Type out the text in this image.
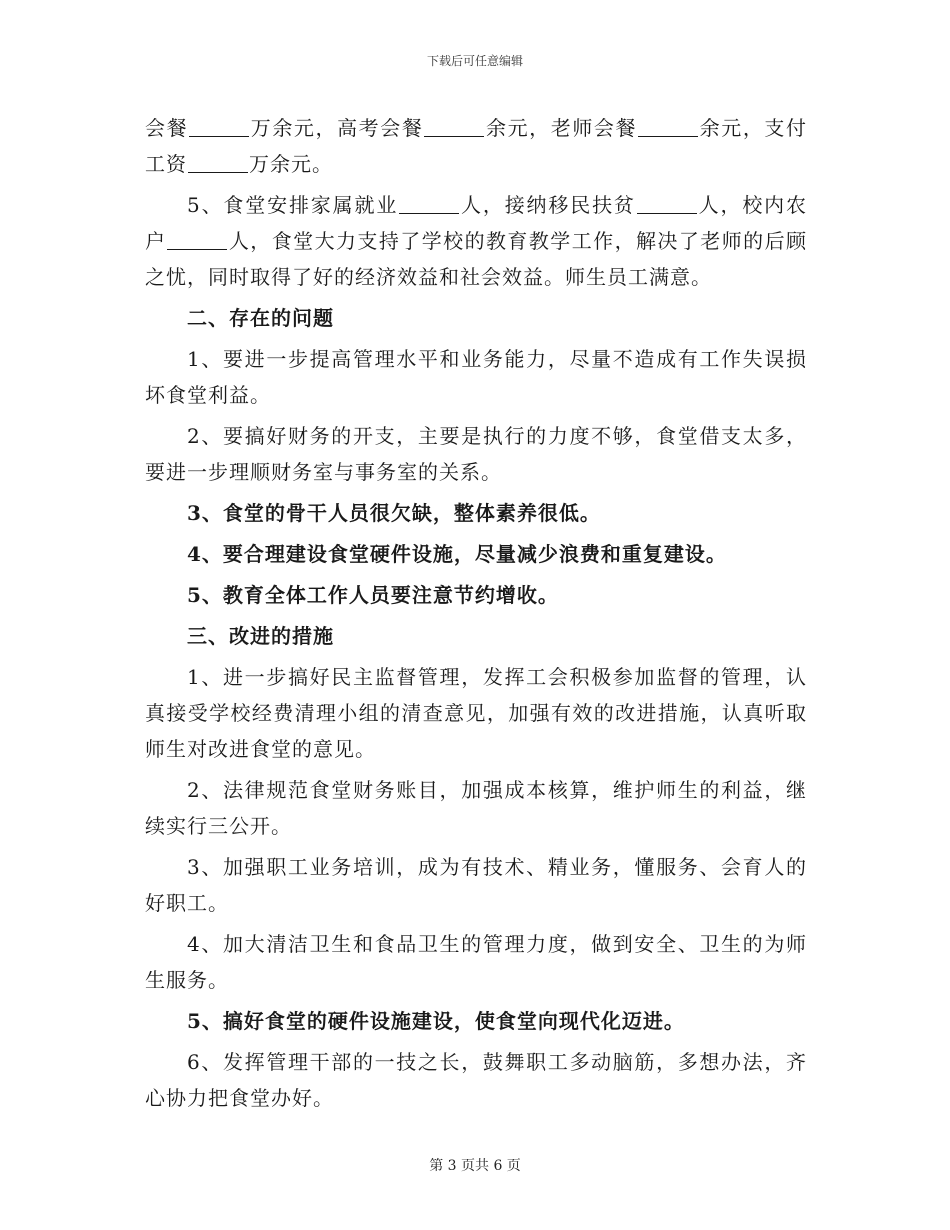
下载后可任意编辑

会餐	万余元，高考会餐	余元，老师会餐	余元，支付工资	万余元。

5、食堂安排家属就业	人，接纳移民扶贫	人，校内农户	人，食堂大力支持了学校的教育教学工作，解决了老师的后顾之忧，同时取得了好的经济效益和社会效益。师生员工满意。

二、存在的问题

1、要进一步提高管理水平和业务能力，尽量不造成有工作失误损坏食堂利益。

2、要搞好财务的开支，主要是执行的力度不够，食堂借支太多，要进一步理顺财务室与事务室的关系。

3、食堂的骨干人员很欠缺，整体素养很低。

4、要合理建设食堂硬件设施，尽量减少浪费和重复建设。

5、教育全体工作人员要注意节约增收。

三、改进的措施

1、进一步搞好民主监督管理，发挥工会积极参加监督的管理，认真接受学校经费清理小组的清查意见，加强有效的改进措施，认真听取师生对改进食堂的意见。

2、法律规范食堂财务账目，加强成本核算，维护师生的利益，继续实行三公开。

3、加强职工业务培训，成为有技术、精业务，懂服务、会育人的好职工。

4、加大清洁卫生和食品卫生的管理力度，做到安全、卫生的为师生服务。

5、搞好食堂的硬件设施建设，使食堂向现代化迈进。

6、发挥管理干部的一技之长，鼓舞职工多动脑筋，多想办法，齐心协力把食堂办好。

第 3 页共 6 页
